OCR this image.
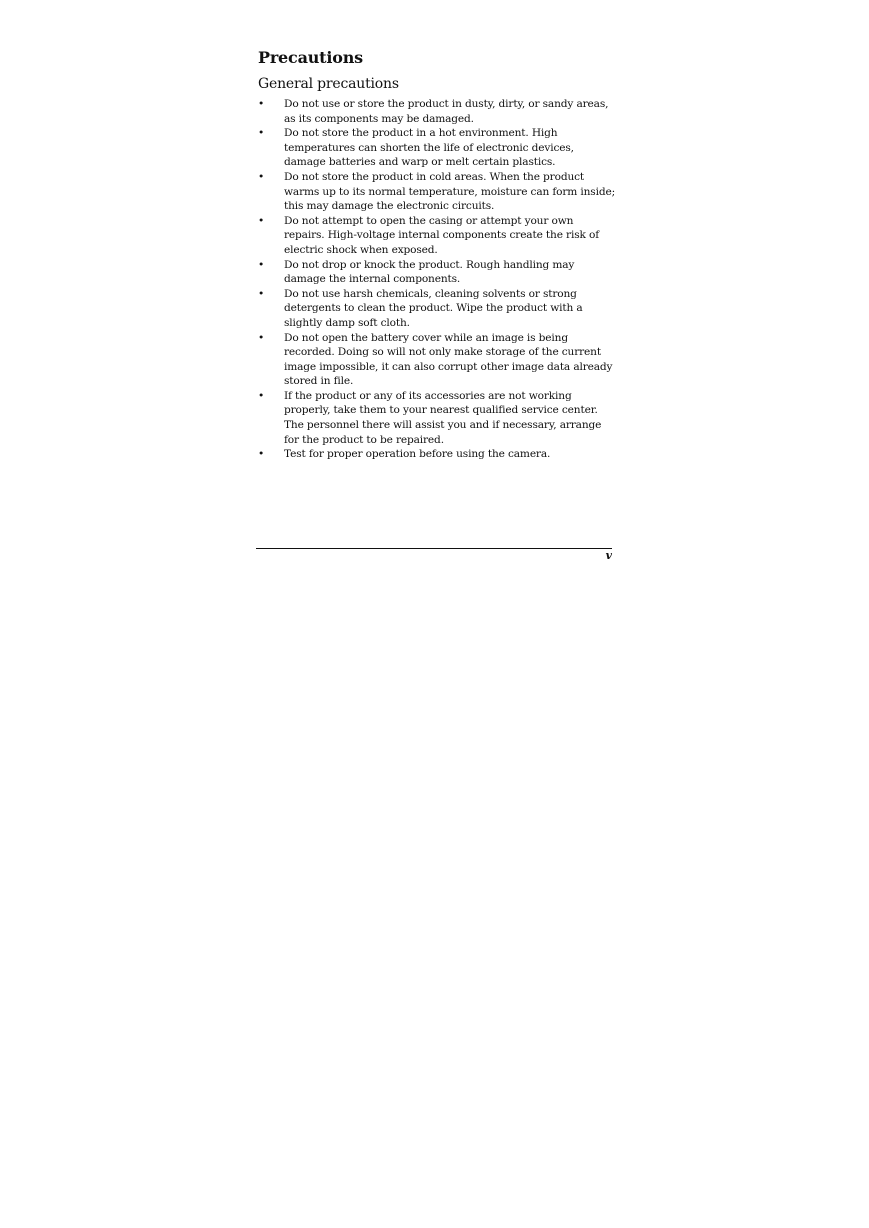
Precautions
General precautions
• Do not use or store the product in dusty, dirty, or sandy areas, as its components may be damaged.
• Do not store the product in a hot environment. High temperatures can shorten the life of electronic devices, damage batteries and warp or melt certain plastics.
• Do not store the product in cold areas. When the product warms up to its normal temperature, moisture can form inside; this may damage the electronic circuits.
• Do not attempt to open the casing or attempt your own repairs. High-voltage internal components create the risk of electric shock when exposed.
• Do not drop or knock the product. Rough handling may damage the internal components.
• Do not use harsh chemicals, cleaning solvents or strong detergents to clean the product. Wipe the product with a slightly damp soft cloth.
• Do not open the battery cover while an image is being recorded. Doing so will not only make storage of the current image impossible, it can also corrupt other image data already stored in file.
• If the product or any of its accessories are not working properly, take them to your nearest qualified service center. The personnel there will assist you and if necessary, arrange for the product to be repaired.
• Test for proper operation before using the camera.
v
